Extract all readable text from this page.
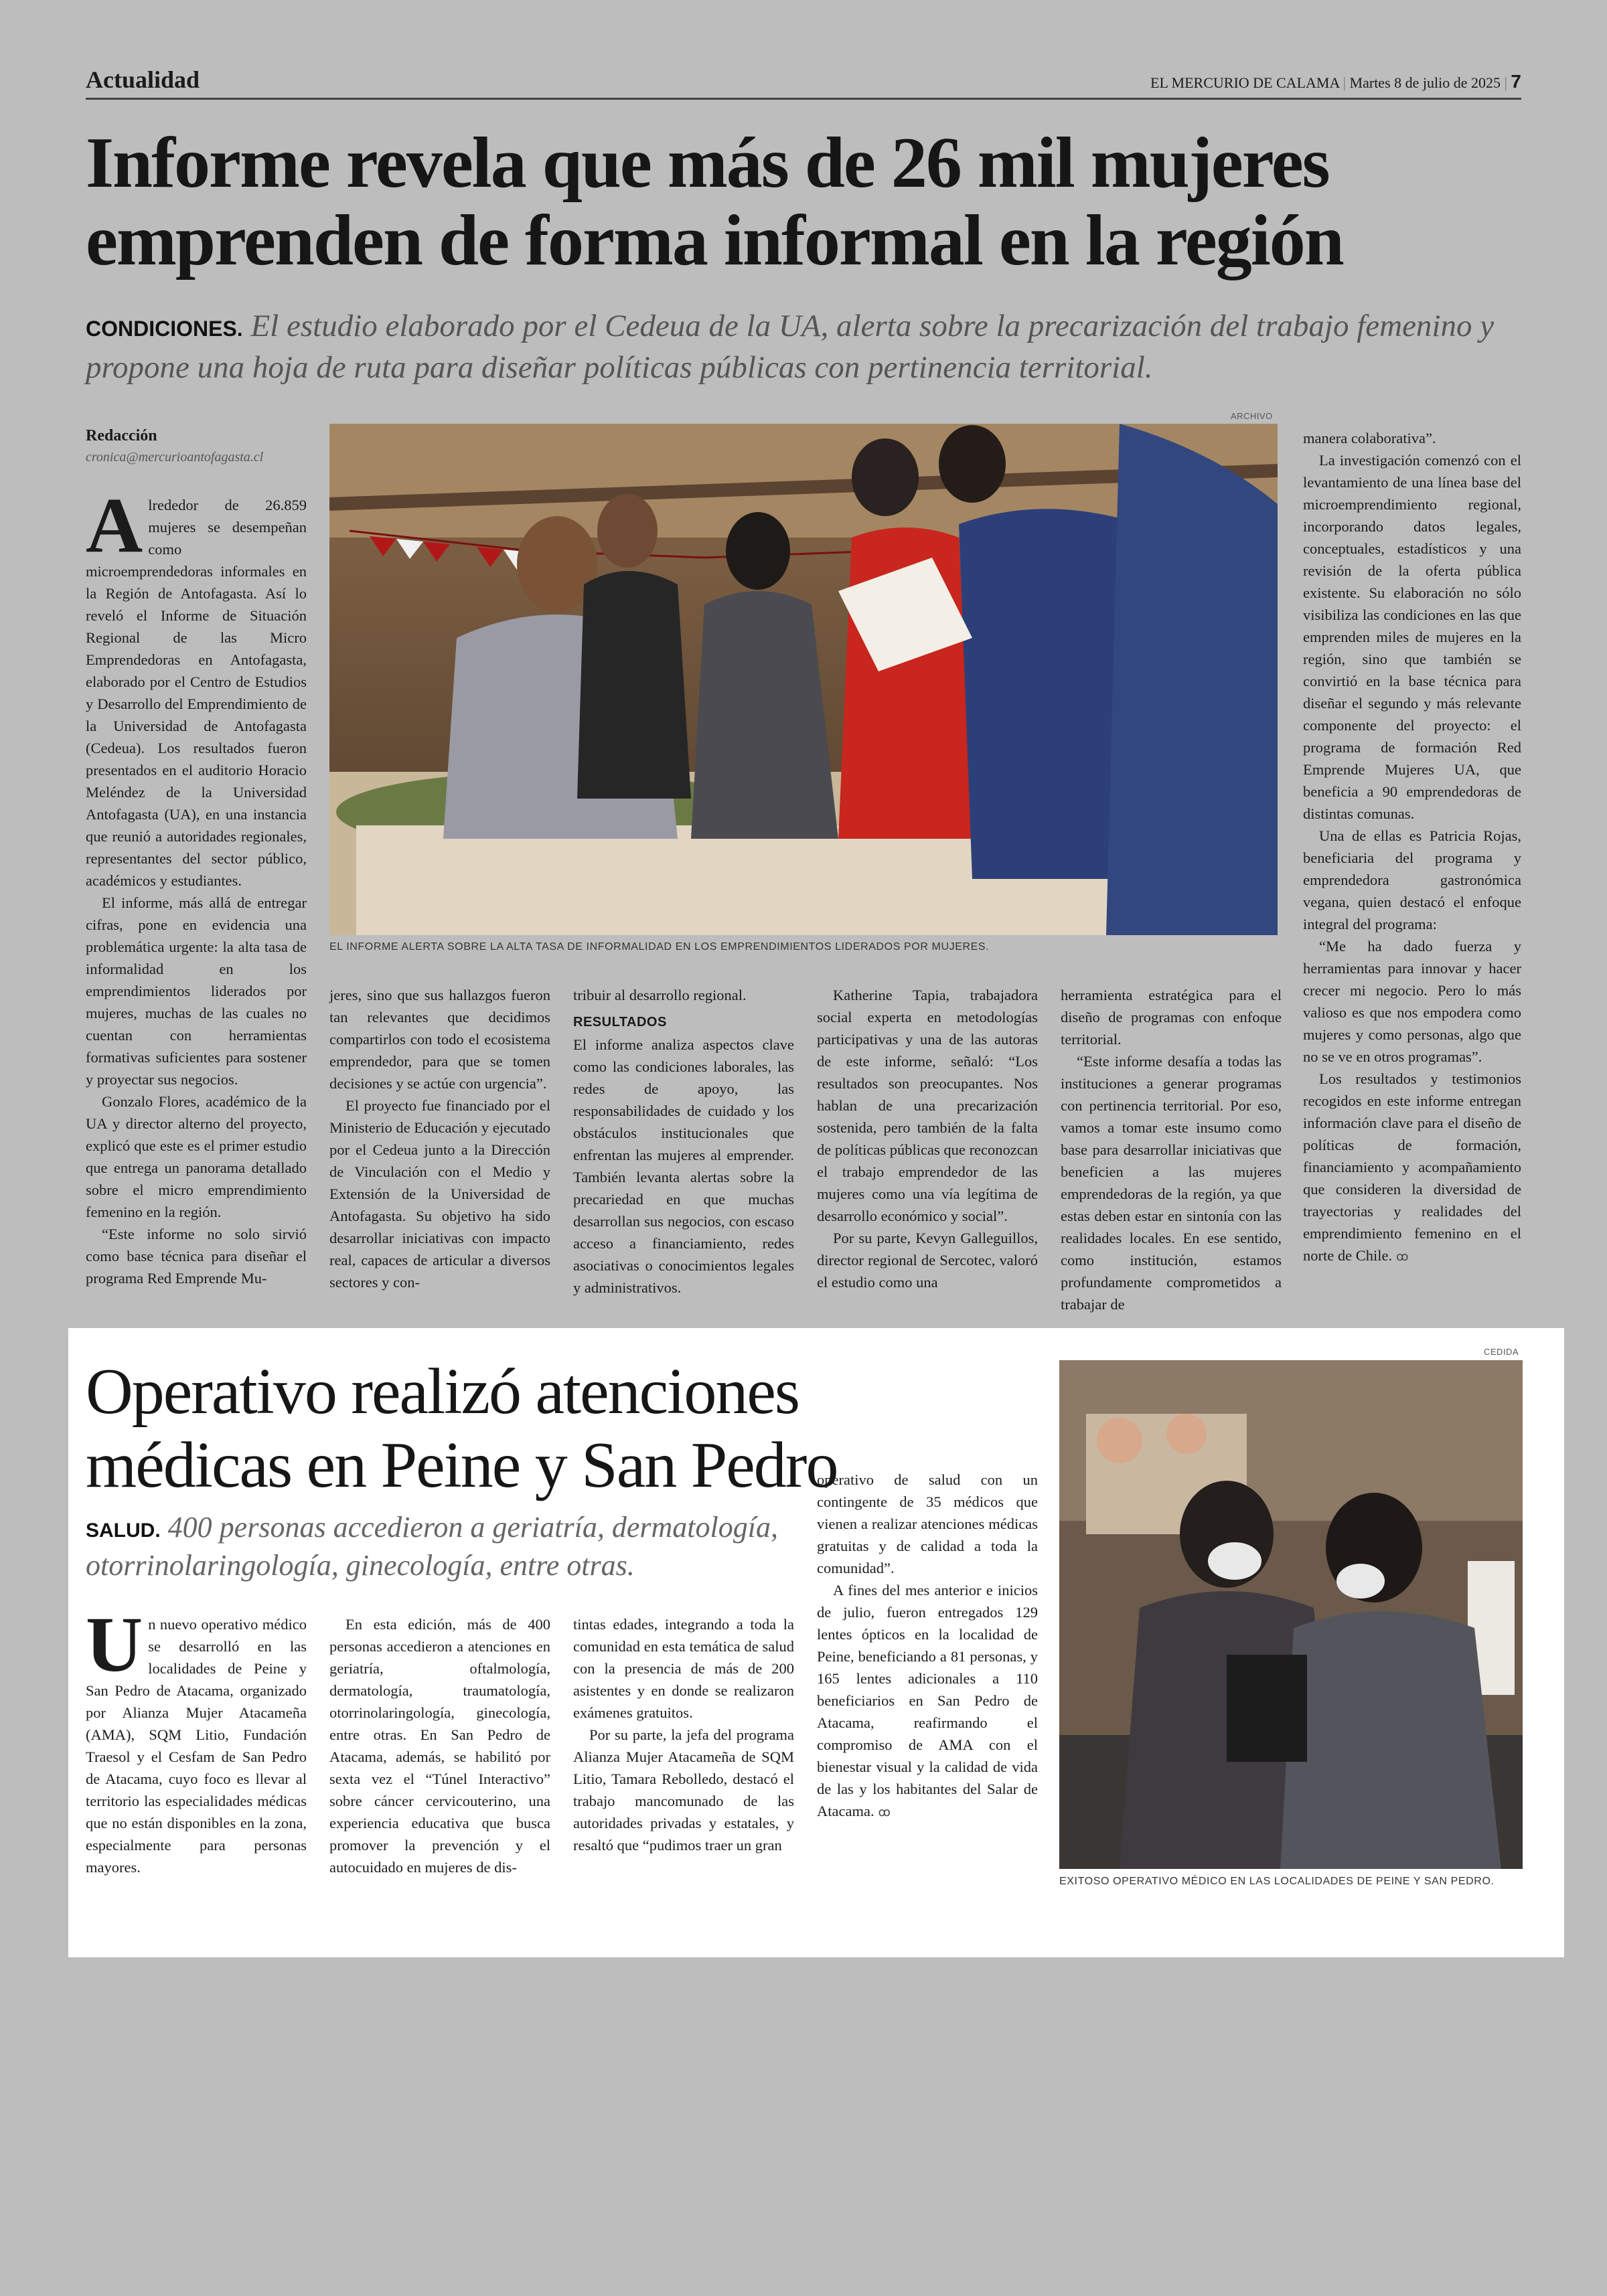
Actualidad	EL MERCURIO DE CALAMA | Martes 8 de julio de 2025 | 7
Informe revela que más de 26 mil mujeres emprenden de forma informal en la región
CONDICIONES. El estudio elaborado por el Cedeua de la UA, alerta sobre la precarización del trabajo femenino y propone una hoja de ruta para diseñar políticas públicas con pertinencia territorial.
Redacción
cronica@mercurioantofagasta.cl
ARCHIVO
EL INFORME ALERTA SOBRE LA ALTA TASA DE INFORMALIDAD EN LOS EMPRENDIMIENTOS LIDERADOS POR MUJERES.

Alrededor de 26.859 mujeres se desempeñan como microemprendedoras informales en la Región de Antofagasta. Así lo reveló el Informe de Situación Regional de las Micro Emprendedoras en Antofagasta, elaborado por el Centro de Estudios y Desarrollo del Emprendimiento de la Universidad de Antofagasta (Cedeua). Los resultados fueron presentados en el auditorio Horacio Meléndez de la Universidad Antofagasta (UA), en una instancia que reunió a autoridades regionales, representantes del sector público, académicos y estudiantes.

El informe, más allá de entregar cifras, pone en evidencia una problemática urgente: la alta tasa de informalidad en los emprendimientos liderados por mujeres, muchas de las cuales no cuentan con herramientas formativas suficientes para sostener y proyectar sus negocios.

Gonzalo Flores, académico de la UA y director alterno del proyecto, explicó que este es el primer estudio que entrega un panorama detallado sobre el micro emprendimiento femenino en la región.

“Este informe no solo sirvió como base técnica para diseñar el programa Red Emprende Mu-

jeres, sino que sus hallazgos fueron tan relevantes que decidimos compartirlos con todo el ecosistema emprendedor, para que se tomen decisiones y se actúe con urgencia”.

El proyecto fue financiado por el Ministerio de Educación y ejecutado por el Cedeua junto a la Dirección de Vinculación con el Medio y Extensión de la Universidad de Antofagasta. Su objetivo ha sido desarrollar iniciativas con impacto real, capaces de articular a diversos sectores y con-

tribuir al desarrollo regional.

RESULTADOS

El informe analiza aspectos clave como las condiciones laborales, las redes de apoyo, las responsabilidades de cuidado y los obstáculos institucionales que enfrentan las mujeres al emprender. También levanta alertas sobre la precariedad en que muchas desarrollan sus negocios, con escaso acceso a financiamiento, redes asociativas o conocimientos legales y administrativos.

Katherine Tapia, trabajadora social experta en metodologías participativas y una de las autoras de este informe, señaló: “Los resultados son preocupantes. Nos hablan de una precarización sostenida, pero también de la falta de políticas públicas que reconozcan el trabajo emprendedor de las mujeres como una vía legítima de desarrollo económico y social”.

Por su parte, Kevyn Galleguillos, director regional de Sercotec, valoró el estudio como una

herramienta estratégica para el diseño de programas con enfoque territorial.

“Este informe desafía a todas las instituciones a generar programas con pertinencia territorial. Por eso, vamos a tomar este insumo como base para desarrollar iniciativas que beneficien a las mujeres emprendedoras de la región, ya que estas deben estar en sintonía con las realidades locales. En ese sentido, como institución, estamos profundamente comprometidos a trabajar de

manera colaborativa”.

La investigación comenzó con el levantamiento de una línea base del microemprendimiento regional, incorporando datos legales, conceptuales, estadísticos y una revisión de la oferta pública existente. Su elaboración no sólo visibiliza las condiciones en las que emprenden miles de mujeres en la región, sino que también se convirtió en la base técnica para diseñar el segundo y más relevante componente del proyecto: el programa de formación Red Emprende Mujeres UA, que beneficia a 90 emprendedoras de distintas comunas.

Una de ellas es Patricia Rojas, beneficiaria del programa y emprendedora gastronómica vegana, quien destacó el enfoque integral del programa:

“Me ha dado fuerza y herramientas para innovar y hacer crecer mi negocio. Pero lo más valioso es que nos empodera como mujeres y como personas, algo que no se ve en otros programas”.

Los resultados y testimonios recogidos en este informe entregan información clave para el diseño de políticas de formación, financiamiento y acompañamiento que consideren la diversidad de trayectorias y realidades del emprendimiento femenino en el norte de Chile. ꝏ

Operativo realizó atenciones médicas en Peine y San Pedro
SALUD. 400 personas accedieron a geriatría, dermatología, otorrinolaringología, ginecología, entre otras.
CEDIDA
EXITOSO OPERATIVO MÉDICO EN LAS LOCALIDADES DE PEINE Y SAN PEDRO.

Un nuevo operativo médico se desarrolló en las localidades de Peine y San Pedro de Atacama, organizado por Alianza Mujer Atacameña (AMA), SQM Litio, Fundación Traesol y el Cesfam de San Pedro de Atacama, cuyo foco es llevar al territorio las especialidades médicas que no están disponibles en la zona, especialmente para personas mayores.

En esta edición, más de 400 personas accedieron a atenciones en geriatría, oftalmología, dermatología, traumatología, otorrinolaringología, ginecología, entre otras. En San Pedro de Atacama, además, se habilitó por sexta vez el “Túnel Interactivo” sobre cáncer cervicouterino, una experiencia educativa que busca promover la prevención y el autocuidado en mujeres de dis-

tintas edades, integrando a toda la comunidad en esta temática de salud con la presencia de más de 200 asistentes y en donde se realizaron exámenes gratuitos.

Por su parte, la jefa del programa Alianza Mujer Atacameña de SQM Litio, Tamara Rebolledo, destacó el trabajo mancomunado de las autoridades privadas y estatales, y resaltó que “pudimos traer un gran

operativo de salud con un contingente de 35 médicos que vienen a realizar atenciones médicas gratuitas y de calidad a toda la comunidad”.

A fines del mes anterior e inicios de julio, fueron entregados 129 lentes ópticos en la localidad de Peine, beneficiando a 81 personas, y 165 lentes adicionales a 110 beneficiarios en San Pedro de Atacama, reafirmando el compromiso de AMA con el bienestar visual y la calidad de vida de las y los habitantes del Salar de Atacama. ꝏ
